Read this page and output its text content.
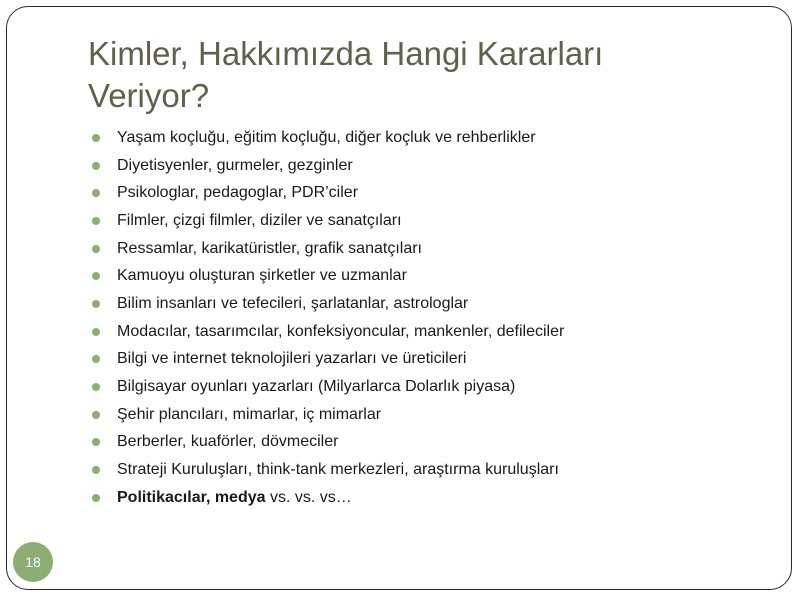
Kimler, Hakkımızda Hangi Kararları Veriyor?
Yaşam koçluğu, eğitim koçluğu, diğer koçluk ve rehberlikler
Diyetisyenler, gurmeler, gezginler
Psikologlar, pedagoglar, PDR’ciler
Filmler, çizgi filmler, diziler ve sanatçıları
Ressamlar, karikatüristler, grafik sanatçıları
Kamuoyu oluşturan şirketler ve uzmanlar
Bilim insanları ve tefecileri, şarlatanlar, astrologlar
Modacılar, tasarımcılar, konfeksiyoncular, mankenler, defileciler
Bilgi ve internet teknolojileri yazarları ve üreticileri
Bilgisayar oyunları yazarları (Milyarlarca Dolarlık piyasa)
Şehir plancıları, mimarlar, iç mimarlar
Berberler, kuaförler, dövmeciler
Strateji Kuruluşları, think-tank merkezleri, araştırma kuruluşları
Politikacılar, medya vs. vs. vs…
18
